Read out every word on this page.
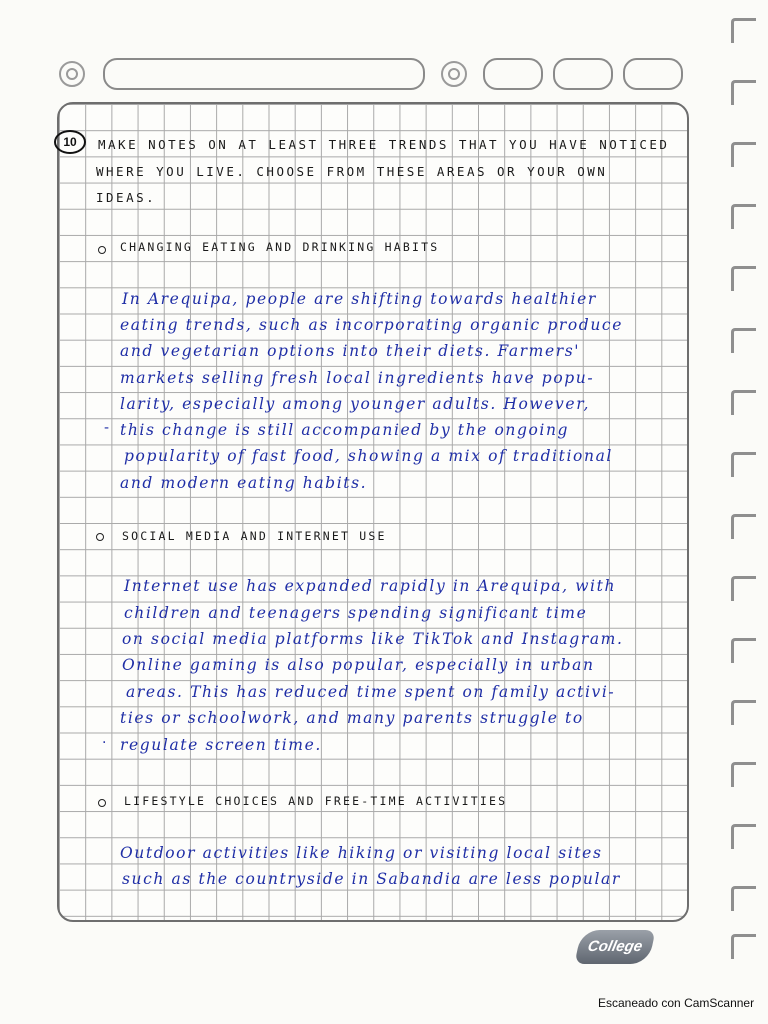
10	MAKE NOTES ON AT LEAST THREE TRENDS THAT YOU HAVE NOTICED
WHERE YOU LIVE. CHOOSE FROM THESE AREAS OR YOUR OWN
IDEAS.
CHANGING EATING AND DRINKING HABITS
In Arequipa, people are shifting towards healthier
eating trends, such as incorporating organic produce
and vegetarian options into their diets. Farmers'
markets selling fresh local ingredients have popu-
larity, especially among younger adults. However,
- this change is still accompanied by the ongoing
popularity of fast food, showing a mix of traditional
and modern eating habits.
SOCIAL MEDIA AND INTERNET USE
Internet use has expanded rapidly in Arequipa, with
children and teenagers spending significant time
on social media platforms like TikTok and Instagram.
Online gaming is also popular, especially in urban
areas. This has reduced time spent on family activi-
ties or schoolwork, and many parents struggle to
· regulate screen time.
LIFESTYLE CHOICES AND FREE-TIME ACTIVITIES
Outdoor activities like hiking or visiting local sites
such as the countryside in Sabandia are less popular
College
Escaneado con CamScanner
